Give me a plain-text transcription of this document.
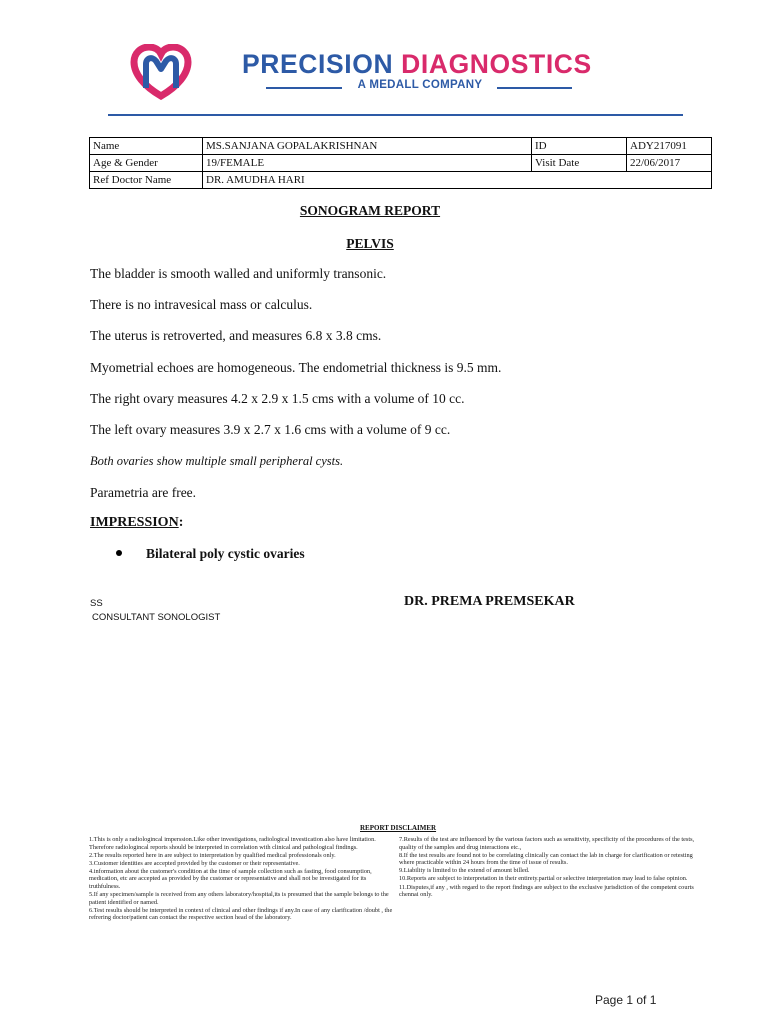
PRECISION DIAGNOSTICS
A MEDALL COMPANY
Name	MS.SANJANA GOPALAKRISHNAN	ID	ADY217091
Age & Gender	19/FEMALE	Visit Date	22/06/2017
Ref Doctor Name	DR. AMUDHA HARI		
SONOGRAM REPORT
PELVIS
The bladder is smooth walled and uniformly transonic.
There is no intravesical mass or calculus.
The uterus is retroverted, and measures 6.8 x 3.8 cms.
Myometrial echoes are homogeneous. The endometrial thickness is 9.5 mm.
The right ovary measures 4.2 x 2.9 x 1.5 cms with a volume of 10 cc.
The left ovary measures 3.9 x 2.7 x 1.6 cms with a volume of 9 cc.
Both ovaries show multiple small peripheral cysts.
Parametria are free.
IMPRESSION:
Bilateral poly cystic ovaries
SS	DR. PREMA PREMSEKAR
CONSULTANT SONOLOGIST
REPORT DISCLAIMER

1.This is only a radiologincal imperssion.Like other investigations, radiological investication also have limitation. Therefore radiologincal reports should be interpreted in correlation with clinical and pathological findings.

2.The results reported here in are subject to interpretation by qualified medical professionals only.

3.Customer identities are accepted provided by the customer or their representative.

4.information about the customer's condition at the time of sample collection such as fasting, food consumption, medication, etc are accepted as provided by the customer or representative and shall not be investigated for its truthfulness.

5.If any specimen/sample is received from any others laboratory/hospital,its is presumed that the sample belongs to the patient identified or named.

6.Test results should be interpreted in context of clinical and other findings if any.In case of any clarification /doubt , the refrering doctor/patient can contact the respective section head of the laboratory.

7.Results of the test are influenced by the various factors such as sensitivity, specificity of the procedures of the tests, quality of the samples and drug interactions etc.,

8.If the test results are found not to be correlating clinically can contact the lab in charge for clarification or retesting where practicable within 24 hours from the time of issue of results.

9.Liability is limited to the extend of amount billed.

10.Reports are subject to interpretation in their entirety.partial or selective interpretation may lead to false opinion.

11.Disputes,if any , with regard to the report findings are subject to the exclusive jurisdiction of the competent courts chennai only.

Page 1 of 1
